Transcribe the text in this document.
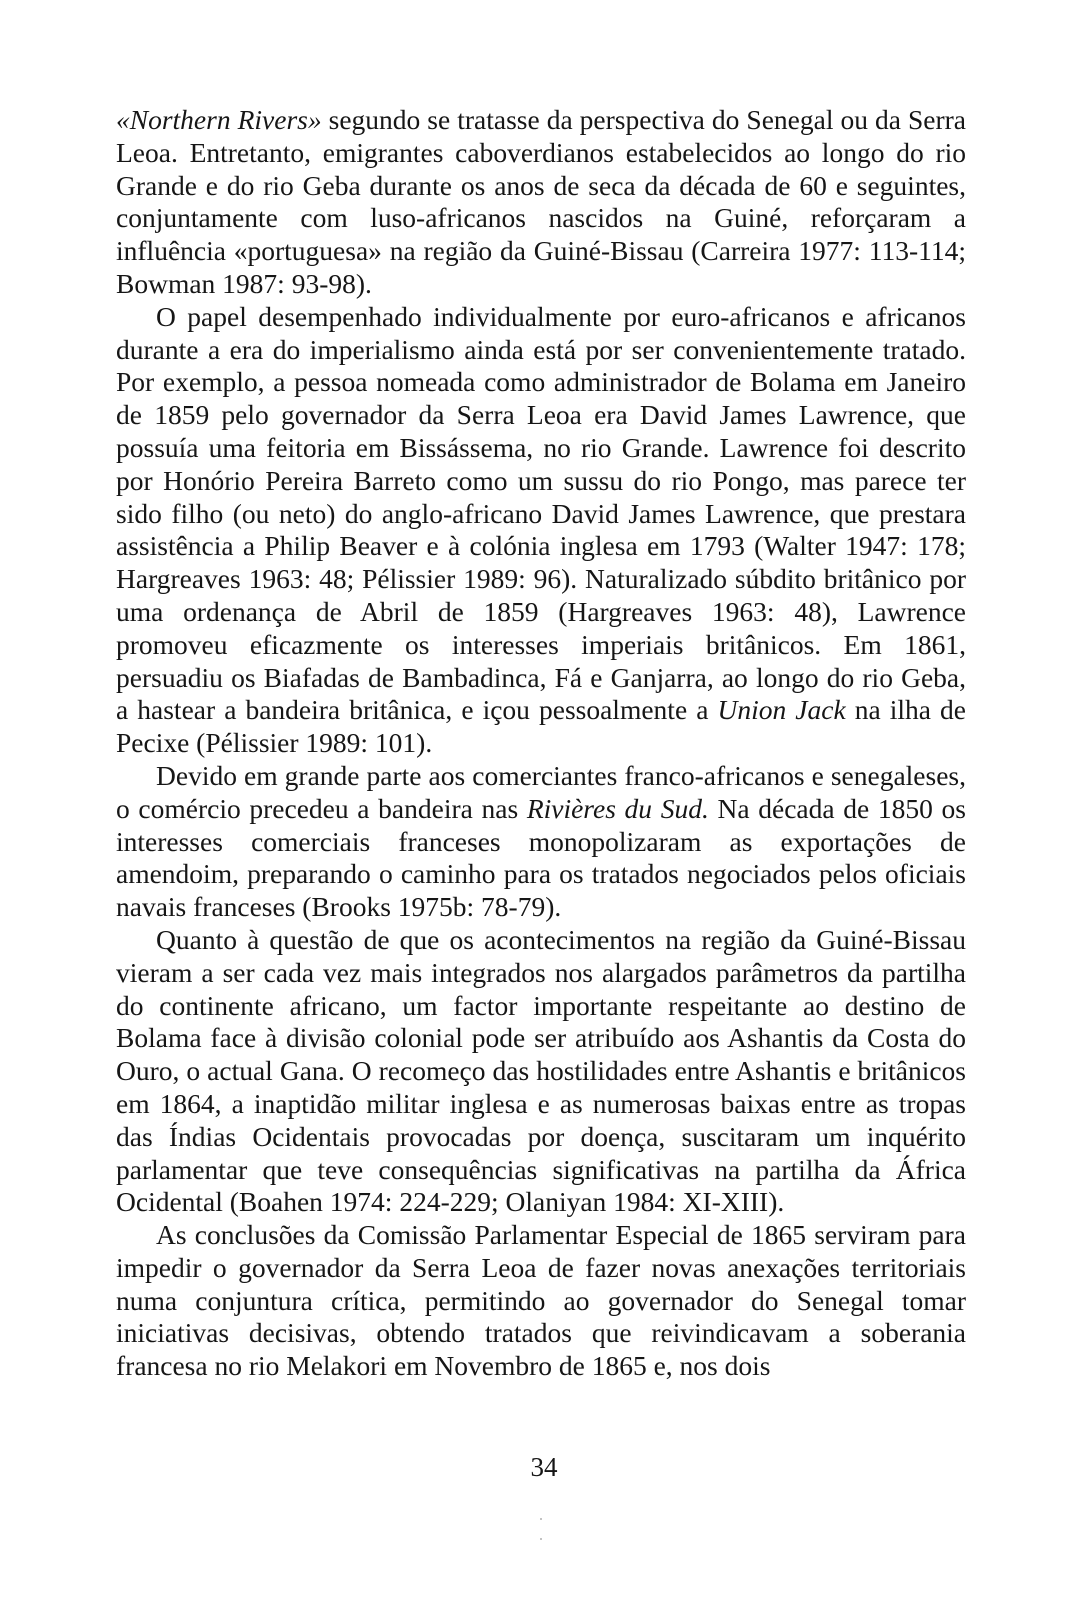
«Northern Rivers» segundo se tratasse da perspectiva do Senegal ou da Serra Leoa. Entretanto, emigrantes caboverdianos estabelecidos ao longo do rio Grande e do rio Geba durante os anos de seca da década de 60 e seguintes, conjuntamente com luso-africanos nascidos na Guiné, reforçaram a influência «portuguesa» na região da Guiné-Bissau (Carreira 1977: 113-114; Bowman 1987: 93-98).

O papel desempenhado individualmente por euro-africanos e africanos durante a era do imperialismo ainda está por ser convenientemente tratado. Por exemplo, a pessoa nomeada como administrador de Bolama em Janeiro de 1859 pelo governador da Serra Leoa era David James Lawrence, que possuía uma feitoria em Bissássema, no rio Grande. Lawrence foi descrito por Honório Pereira Barreto como um sussu do rio Pongo, mas parece ter sido filho (ou neto) do anglo-africano David James Lawrence, que prestara assistência a Philip Beaver e à colónia inglesa em 1793 (Walter 1947: 178; Hargreaves 1963: 48; Pélissier 1989: 96). Naturalizado súbdito britânico por uma ordenança de Abril de 1859 (Hargreaves 1963: 48), Lawrence promoveu eficazmente os interesses imperiais britânicos. Em 1861, persuadiu os Biafadas de Bambadinca, Fá e Ganjarra, ao longo do rio Geba, a hastear a bandeira britânica, e içou pessoalmente a Union Jack na ilha de Pecixe (Pélissier 1989: 101).

Devido em grande parte aos comerciantes franco-africanos e senegaleses, o comércio precedeu a bandeira nas Rivières du Sud. Na década de 1850 os interesses comerciais franceses monopolizaram as exportações de amendoim, preparando o caminho para os tratados negociados pelos oficiais navais franceses (Brooks 1975b: 78-79).

Quanto à questão de que os acontecimentos na região da Guiné-Bissau vieram a ser cada vez mais integrados nos alargados parâmetros da partilha do continente africano, um factor importante respeitante ao destino de Bolama face à divisão colonial pode ser atribuído aos Ashantis da Costa do Ouro, o actual Gana. O recomeço das hostilidades entre Ashantis e britânicos em 1864, a inaptidão militar inglesa e as numerosas baixas entre as tropas das Índias Ocidentais provocadas por doença, suscitaram um inquérito parlamentar que teve consequências significativas na partilha da África Ocidental (Boahen 1974: 224-229; Olaniyan 1984: XI-XIII).

As conclusões da Comissão Parlamentar Especial de 1865 serviram para impedir o governador da Serra Leoa de fazer novas anexações territoriais numa conjuntura crítica, permitindo ao governador do Senegal tomar iniciativas decisivas, obtendo tratados que reivindicavam a soberania francesa no rio Melakori em Novembro de 1865 e, nos dois

34
